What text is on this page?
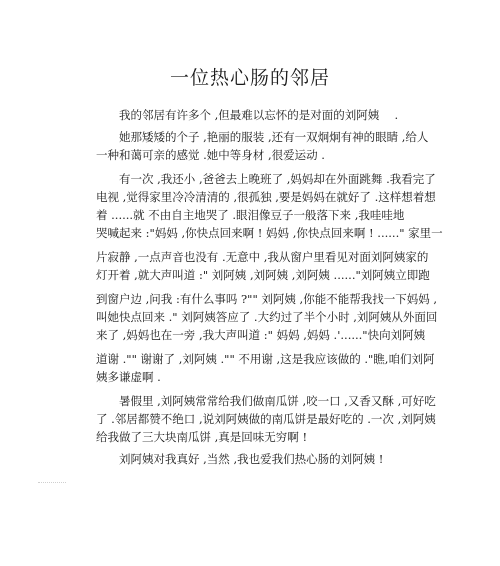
一位热心肠的邻居
　　我的邻居有许多个 ,但最难以忘怀的是对面的刘阿姨　 .
　　她那矮矮的个子 ,艳丽的服装 ,还有一双炯炯有神的眼睛 ,给人
一种和蔼可亲的感觉 .她中等身材 ,很爱运动 .
　　有一次 ,我还小 ,爸爸去上晚班了 ,妈妈却在外面跳舞 .我看完了
电视 ,觉得家里冷冷清清的 ,很孤独 ,要是妈妈在就好了 .这样想着想
着 ......就 不由自主地哭了 .眼泪像豆子一般落下来 ,我哇哇地
哭喊起来 :"妈妈 ,你快点回来啊 ! 妈妈 ,你快点回来啊 ! ......" 家里一
片寂静 ,一点声音也没有 .无意中 ,我从窗户里看见对面刘阿姨家的
灯开着 ,就大声叫道 :" 刘阿姨 ,刘阿姨 ,刘阿姨 ......"刘阿姨立即跑
到窗户边 ,问我 :有什么事吗 ?"" 刘阿姨 ,你能不能帮我找一下妈妈 ,
叫她快点回来 ." 刘阿姨答应了 .大约过了半个小时 ,刘阿姨从外面回
来了 ,妈妈也在一旁 ,我大声叫道 :" 妈妈 ,妈妈 .'......"快向刘阿姨
道谢 ."" 谢谢了 ,刘阿姨 ."" 不用谢 ,这是我应该做的 ."瞧,咱们刘阿
姨多谦虚啊 .
　　暑假里 ,刘阿姨常常给我们做南瓜饼 ,咬一口 ,又香又酥 ,可好吃
了 .邻居都赞不绝口 ,说刘阿姨做的南瓜饼是最好吃的 .一次 ,刘阿姨
给我做了三大块南瓜饼 ,真是回味无穷啊 !
　　刘阿姨对我真好 ,当然 ,我也爱我们热心肠的刘阿姨 !
